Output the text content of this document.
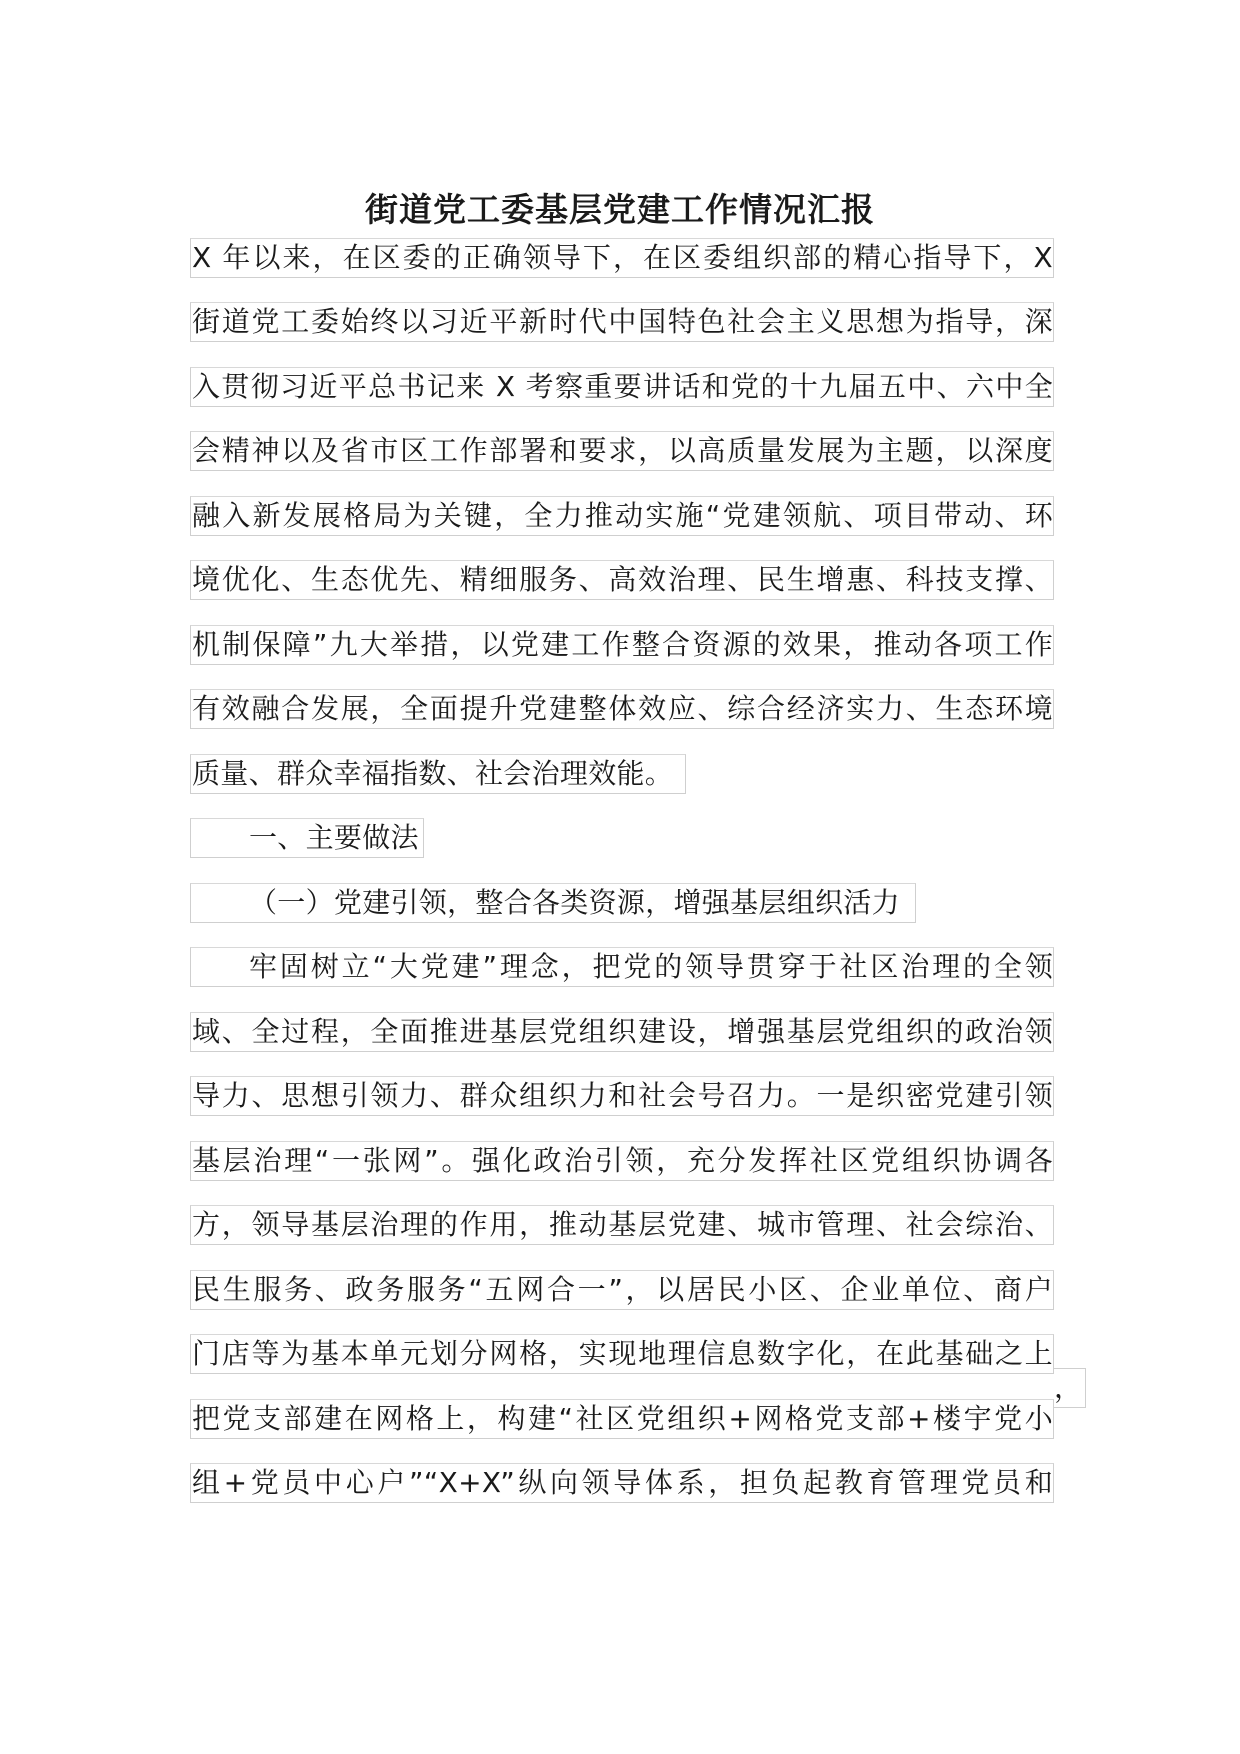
街道党工委基层党建工作情况汇报
X 年以来，在区委的正确领导下，在区委组织部的精心指导下，X
街道党工委始终以习近平新时代中国特色社会主义思想为指导，深
入贯彻习近平总书记来 X 考察重要讲话和党的十九届五中、六中全
会精神以及省市区工作部署和要求，以高质量发展为主题，以深度
融入新发展格局为关键，全力推动实施“党建领航、项目带动、环
境优化、生态优先、精细服务、高效治理、民生增惠、科技支撑、
机制保障”九大举措，以党建工作整合资源的效果，推动各项工作
有效融合发展，全面提升党建整体效应、综合经济实力、生态环境
质量、群众幸福指数、社会治理效能。
一、主要做法
（一）党建引领，整合各类资源，增强基层组织活力
牢固树立“大党建”理念，把党的领导贯穿于社区治理的全领
域、全过程，全面推进基层党组织建设，增强基层党组织的政治领
导力、思想引领力、群众组织力和社会号召力。一是织密党建引领
基层治理“一张网”。强化政治引领，充分发挥社区党组织协调各
方，领导基层治理的作用，推动基层党建、城市管理、社会综治、
民生服务、政务服务“五网合一”，以居民小区、企业单位、商户
门店等为基本单元划分网格，实现地理信息数字化，在此基础之上
，
把党支部建在网格上，构建“社区党组织+网格党支部+楼宇党小
组+党员中心户”“X+X”纵向领导体系，担负起教育管理党员和
